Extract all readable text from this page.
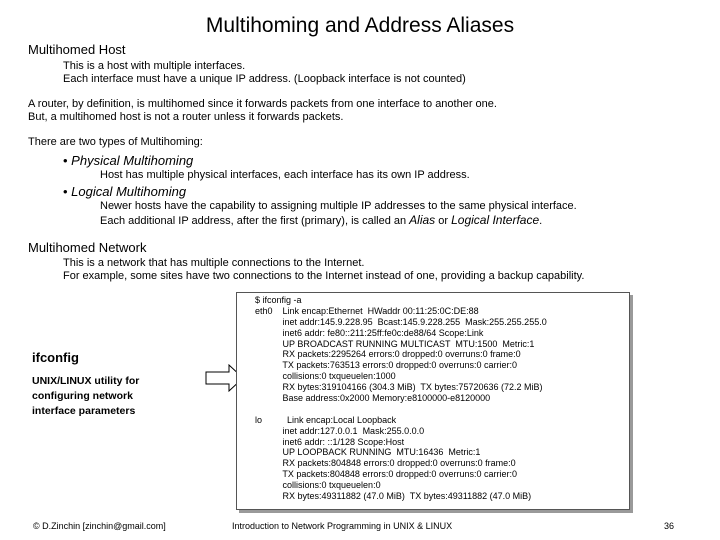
Multihoming and Address Aliases
Multihomed Host
This is a host with multiple interfaces.
Each interface must have a unique IP address. (Loopback interface is not counted)
A router, by definition, is multihomed since it forwards packets from one interface to another one.
But, a multihomed host is not a router unless it forwards packets.
There are two types of Multihoming:
• Physical Multihoming
Host has multiple physical interfaces, each interface has its own IP address.
• Logical Multihoming
Newer hosts have the capability to assigning multiple IP addresses to the same physical interface.
Each additional IP address, after the first (primary), is called an Alias or Logical Interface.
Multihomed Network
This is a network that has multiple connections to the Internet.
For example, some sites have two connections to the Internet instead of one, providing a backup capability.
ifconfig
UNIX/LINUX utility for
configuring network
interface parameters
$ ifconfig -a
eth0    Link encap:Ethernet  HWaddr 00:11:25:0C:DE:88
inet addr:145.9.228.95  Bcast:145.9.228.255  Mask:255.255.255.0
inet6 addr: fe80::211:25ff:fe0c:de88/64 Scope:Link
UP BROADCAST RUNNING MULTICAST  MTU:1500  Metric:1
RX packets:2295264 errors:0 dropped:0 overruns:0 frame:0
TX packets:763513 errors:0 dropped:0 overruns:0 carrier:0
collisions:0 txqueuelen:1000
RX bytes:319104166 (304.3 MiB)  TX bytes:75720636 (72.2 MiB)
Base address:0x2000 Memory:e8100000-e8120000
lo          Link encap:Local Loopback
inet addr:127.0.0.1  Mask:255.0.0.0
inet6 addr: ::1/128 Scope:Host
UP LOOPBACK RUNNING  MTU:16436  Metric:1
RX packets:804848 errors:0 dropped:0 overruns:0 frame:0
TX packets:804848 errors:0 dropped:0 overruns:0 carrier:0
collisions:0 txqueuelen:0
RX bytes:49311882 (47.0 MiB)  TX bytes:49311882 (47.0 MiB)
© D.Zinchin [zinchin@gmail.com]	Introduction to Network Programming in UNIX & LINUX	36
